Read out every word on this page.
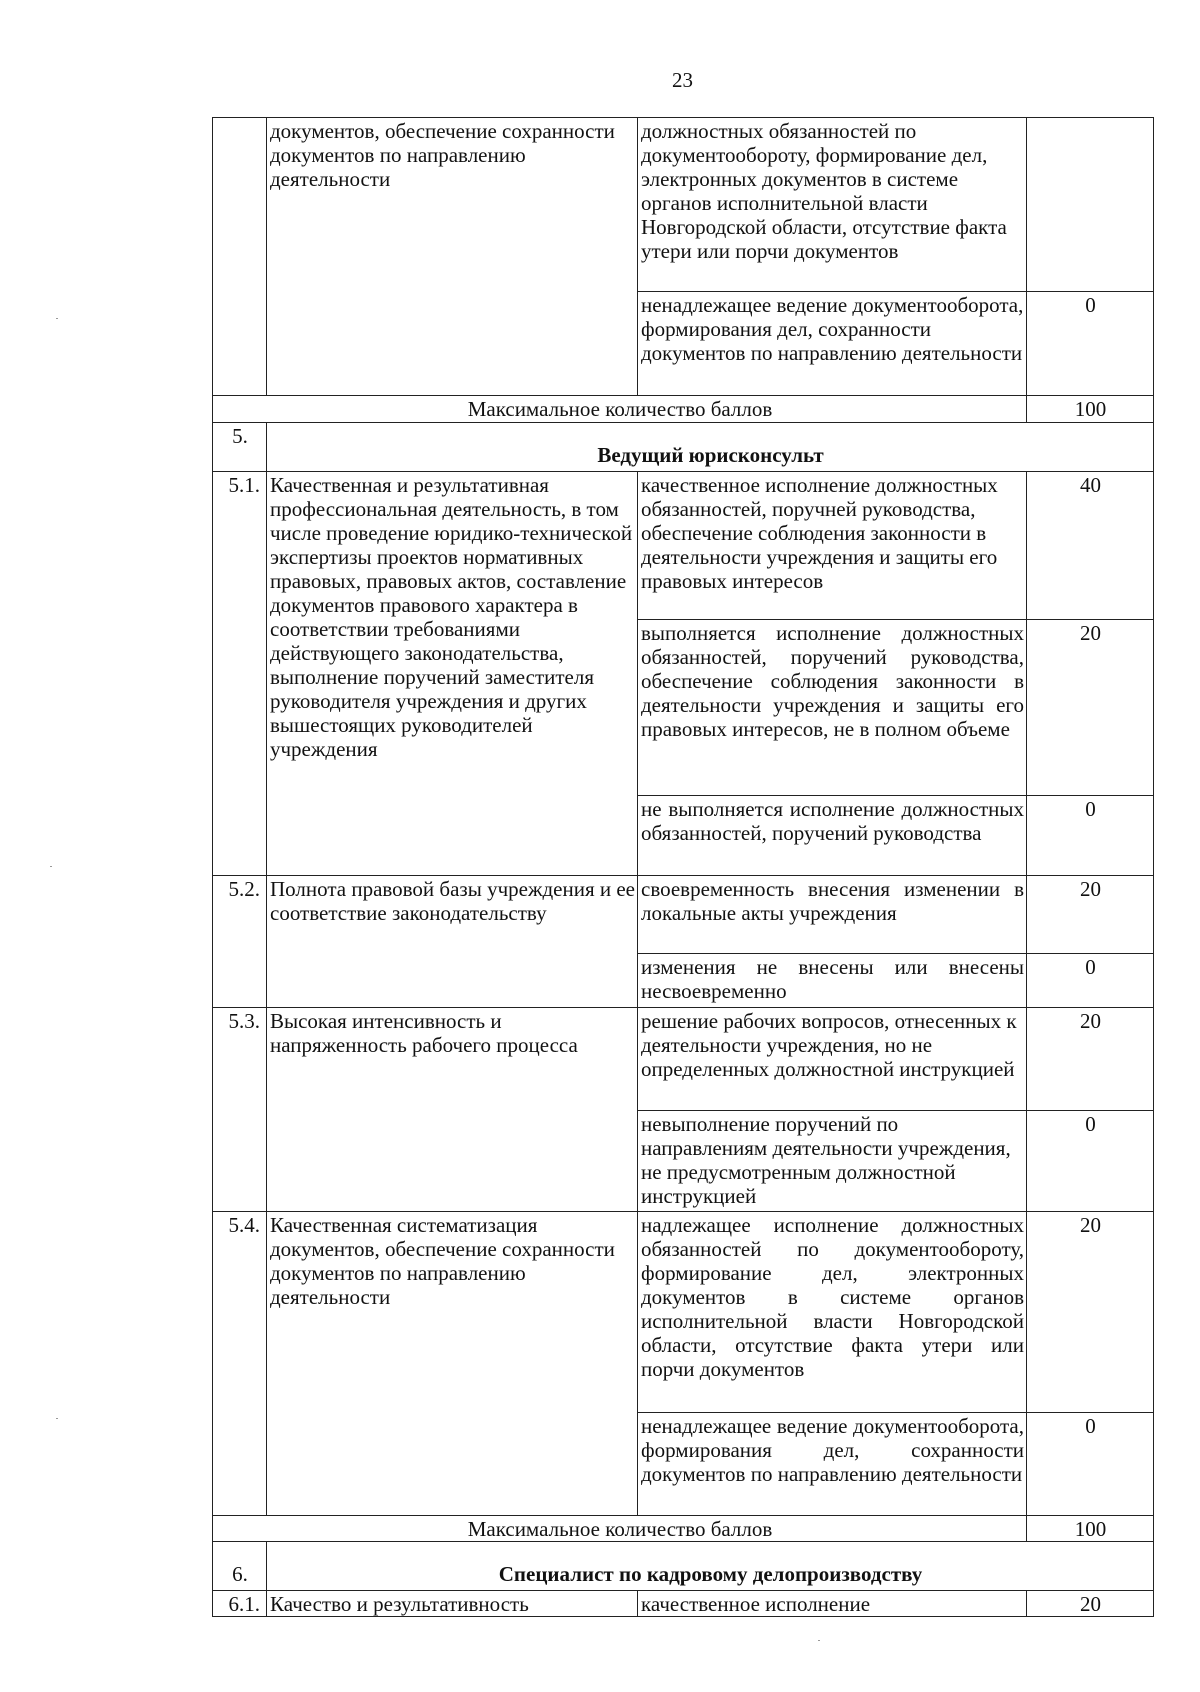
23
	документов, обеспечение сохранности документов по направлению деятельности	должностных обязанностей по документообороту, формирование дел, электронных документов в системе органов исполнительной власти Новгородской области, отсутствие факта утери или порчи документов	
		ненадлежащее ведение документооборота, формирования дел, сохранности документов по направлению деятельности	0
Максимальное количество баллов			100
5.	Ведущий юрисконсульт		
5.1.	Качественная и результативная профессиональная деятельность, в том числе проведение юридико-технической экспертизы проектов нормативных правовых, правовых актов, составление документов правового характера в соответствии требованиями действующего законодательства, выполнение поручений заместителя руководителя учреждения и других вышестоящих руководителей учреждения	качественное исполнение должностных обязанностей, поручней руководства, обеспечение соблюдения законности в деятельности учреждения и защиты его правовых интересов	40
		выполняется исполнение должностных обязанностей, поручений руководства, обеспечение соблюдения законности в деятельности учреждения и защиты его правовых интересов, не в полном объеме	20
		не выполняется исполнение должностных обязанностей, поручений руководства	0
5.2.	Полнота правовой базы учреждения и ее соответствие законодательству	своевременность внесения изменении в локальные акты учреждения	20
		изменения не внесены или внесены несвоевременно	0
5.3.	Высокая интенсивность и напряженность рабочего процесса	решение рабочих вопросов, отнесенных к деятельности учреждения, но не определенных должностной инструкцией	20
		невыполнение поручений по направлениям деятельности учреждения, не предусмотренным должностной инструкцией	0
5.4.	Качественная систематизация документов, обеспечение сохранности документов по направлению деятельности	надлежащее исполнение должностных обязанностей по документообороту, формирование дел, электронных документов в системе органов исполнительной власти Новгородской области, отсутствие факта утери или порчи документов	20
		ненадлежащее ведение документооборота, формирования дел, сохранности документов по направлению деятельности	0
Максимальное количество баллов			100
6.	Специалист по кадровому делопроизводству		
6.1.	Качество и результативность	качественное исполнение	20
